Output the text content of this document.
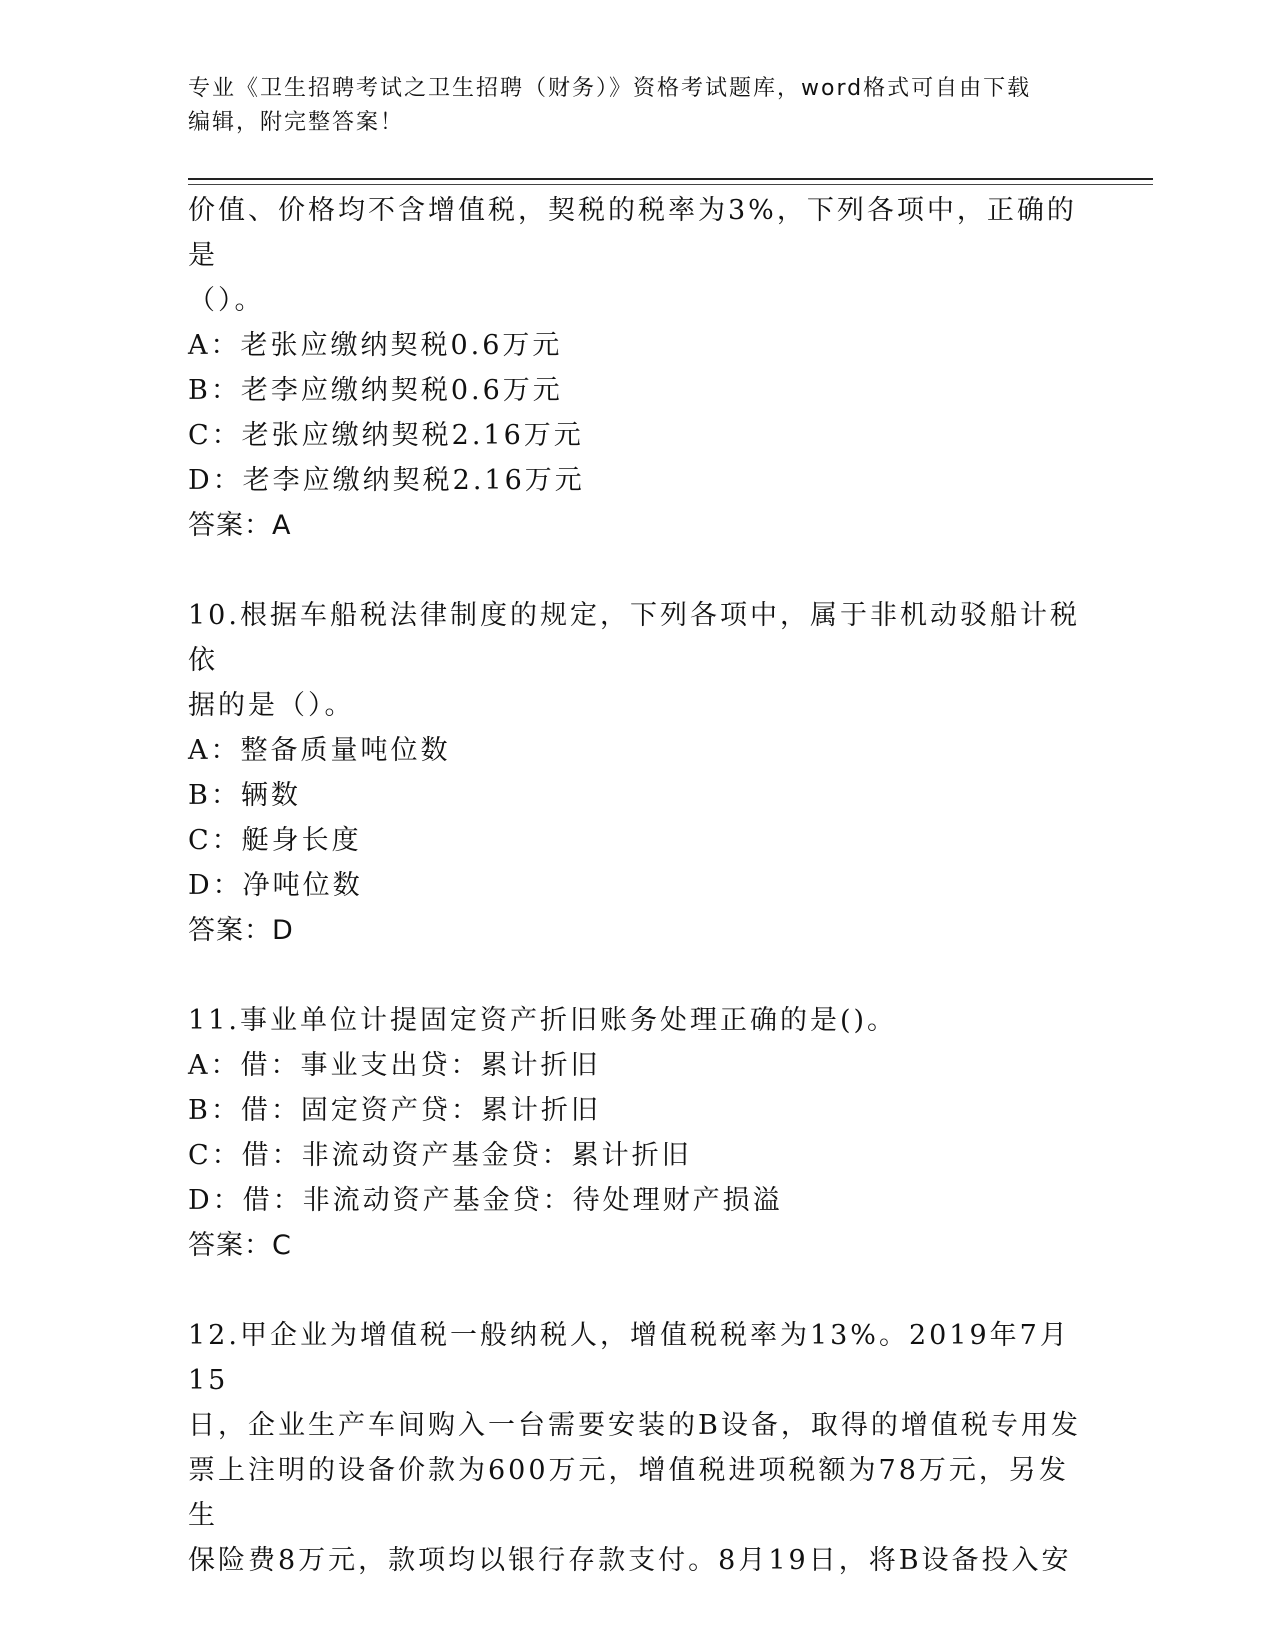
专业《卫生招聘考试之卫生招聘（财务）》资格考试题库，word格式可自由下载
编辑，附完整答案！

价值、价格均不含增值税，契税的税率为3%，下列各项中，正确的是

（）。

A：老张应缴纳契税0.6万元

B：老李应缴纳契税0.6万元

C：老张应缴纳契税2.16万元

D：老李应缴纳契税2.16万元

答案：A

10.根据车船税法律制度的规定，下列各项中，属于非机动驳船计税依

据的是（）。

A：整备质量吨位数

B：辆数

C：艇身长度

D：净吨位数

答案：D

11.事业单位计提固定资产折旧账务处理正确的是()。

A：借：事业支出贷：累计折旧

B：借：固定资产贷：累计折旧

C：借：非流动资产基金贷：累计折旧

D：借：非流动资产基金贷：待处理财产损溢

答案：C

12.甲企业为增值税一般纳税人，增值税税率为13%。2019年7月15

日，企业生产车间购入一台需要安装的B设备，取得的增值税专用发

票上注明的设备价款为600万元，增值税进项税额为78万元，另发生

保险费8万元，款项均以银行存款支付。8月19日，将B设备投入安
